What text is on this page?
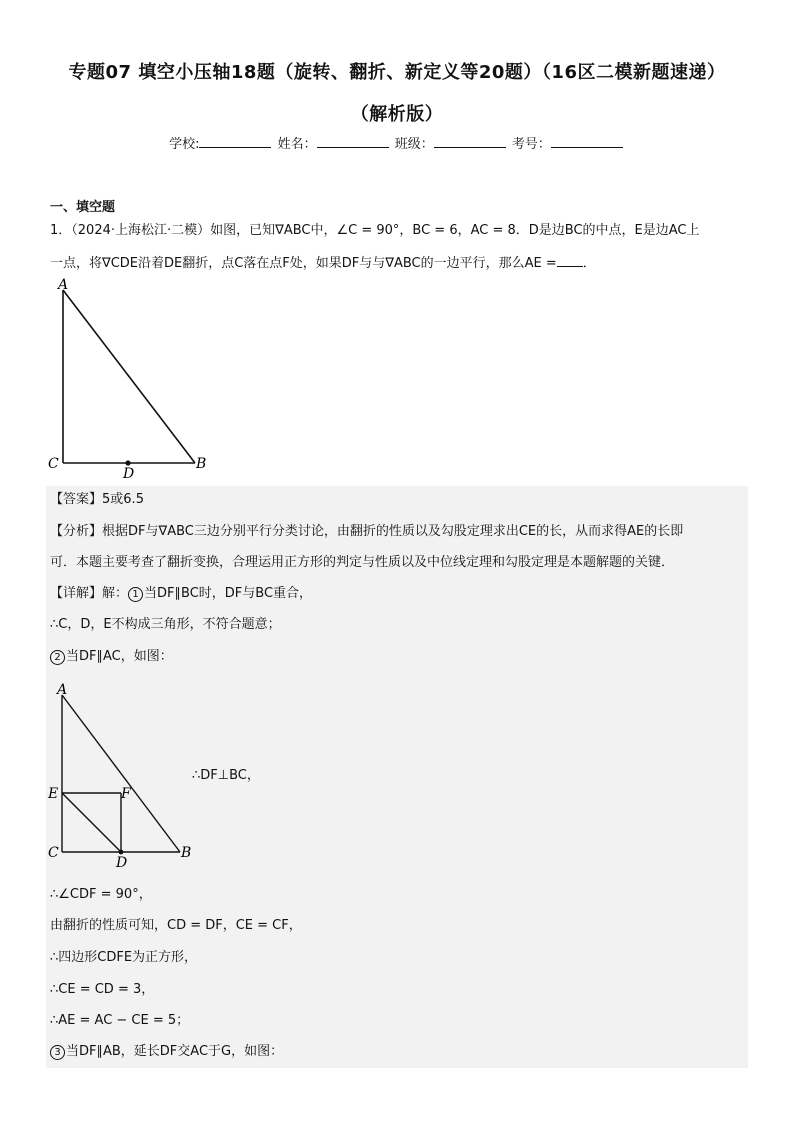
专题07 填空小压轴18题（旋转、翻折、新定义等20题）（16区二模新题速递）
（解析版）
学校:	姓名：	班级：	考号：
一、填空题
1．（2024·上海松江·二模）如图，已知∇ABC中，∠C = 90°，BC = 6，AC = 8．D是边BC的中点，E是边AC上
一点，将∇CDE沿着DE翻折，点C落在点F处，如果DF与与∇ABC的一边平行，那么AE = ．
A
C	B
D
【答案】5或6.5
【分析】根据DF与∇ABC三边分别平行分类讨论，由翻折的性质以及勾股定理求出CE的长，从而求得AE的长即
可．本题主要考查了翻折变换，合理运用正方形的判定与性质以及中位线定理和勾股定理是本题解题的关键．
【详解】解： 1 当DF∥BC时，DF与BC重合，
∴C，D，E不构成三角形，不符合题意；
2 当DF∥AC，如图：
A
E	F
C
D
B
∴DF⊥BC，
∴∠CDF = 90°，
由翻折的性质可知，CD = DF，CE = CF，
∴四边形CDFE为正方形，
∴CE = CD = 3，
∴AE = AC − CE = 5；
3 当DF∥AB，延长DF交AC于G，如图：
